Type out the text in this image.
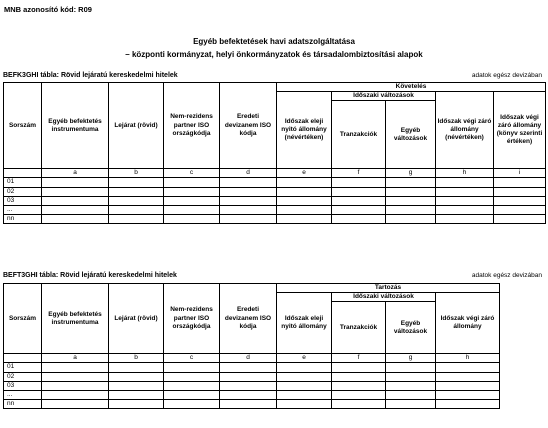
MNB azonosító kód: R09
Egyéb befektetések havi adatszolgáltatása
– központi kormányzat, helyi önkormányzatok és társadalombiztosítási alapok
BEFK3GHI tábla: Rövid lejáratú kereskedelmi hitelek	adatok egész devizában
Sorszám	Egyéb befektetés instrumentuma	Lejárat (rövid)	Nem-rezidens partner ISO országkódja	Eredeti devizanem ISO kódja	Követelés				
					Időszak eleji nyitó állomány (névértéken)	Időszaki változások		Időszak végi záró állomány (névértéken)	Időszak végi záró állomány (könyv szerinti értéken)
						Tranzakciók	Egyéb változások		
	a	b	c	d	e	f	g	h	i
01									
02									
03									
...									
nn									
BEFT3GHI tábla: Rövid lejáratú kereskedelmi hitelek	adatok egész devizában
Sorszám	Egyéb befektetés instrumentuma	Lejárat (rövid)	Nem-rezidens partner ISO országkódja	Eredeti devizanem ISO kódja	Tartozás			
					Időszak eleji nyitó állomány	Időszaki változások		Időszak végi záró állomány
						Tranzakciók	Egyéb változások	
	a	b	c	d	e	f	g	h
01								
02								
03								
...								
nn								
